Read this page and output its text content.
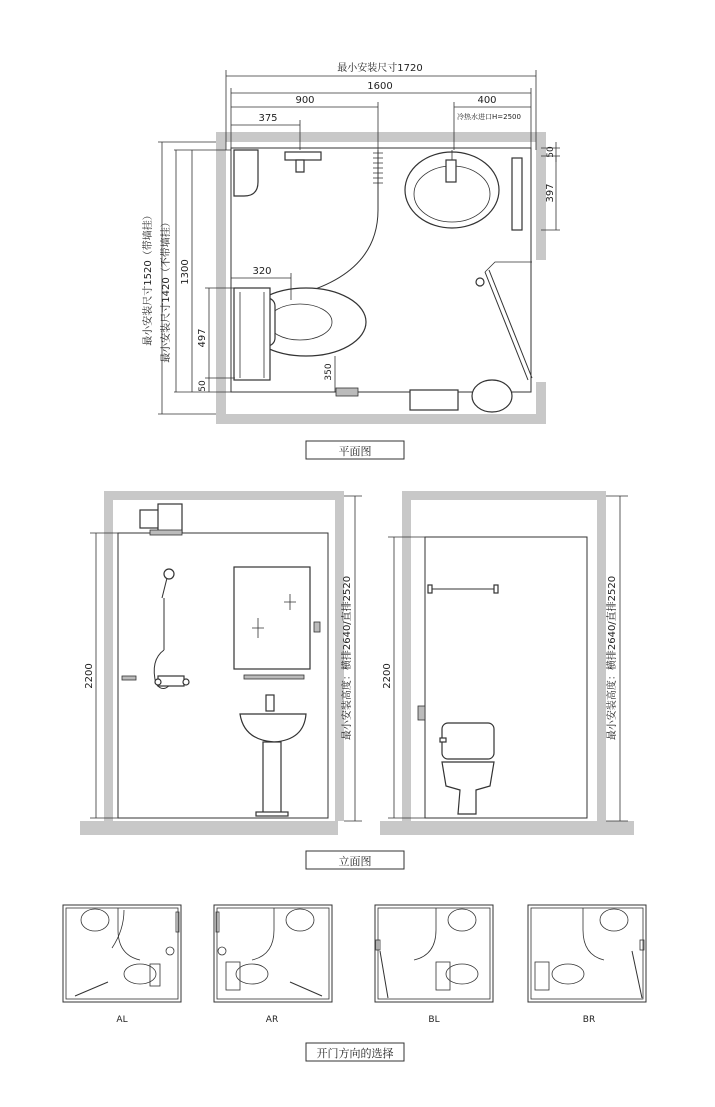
最小安装尺寸1720
1600
900	400
冷热水进口H=2500
375
320
50
397
最小安装尺寸1520（带墙挂） 最小安装尺寸1420（不带墙挂） 1300
497
50
350
平面图
2200	最小安装高度：横排2640/直排2520	2200	最小安装高度：横排2640/直排2520
立面图
AL	AR	BL	BR
开门方向的选择
